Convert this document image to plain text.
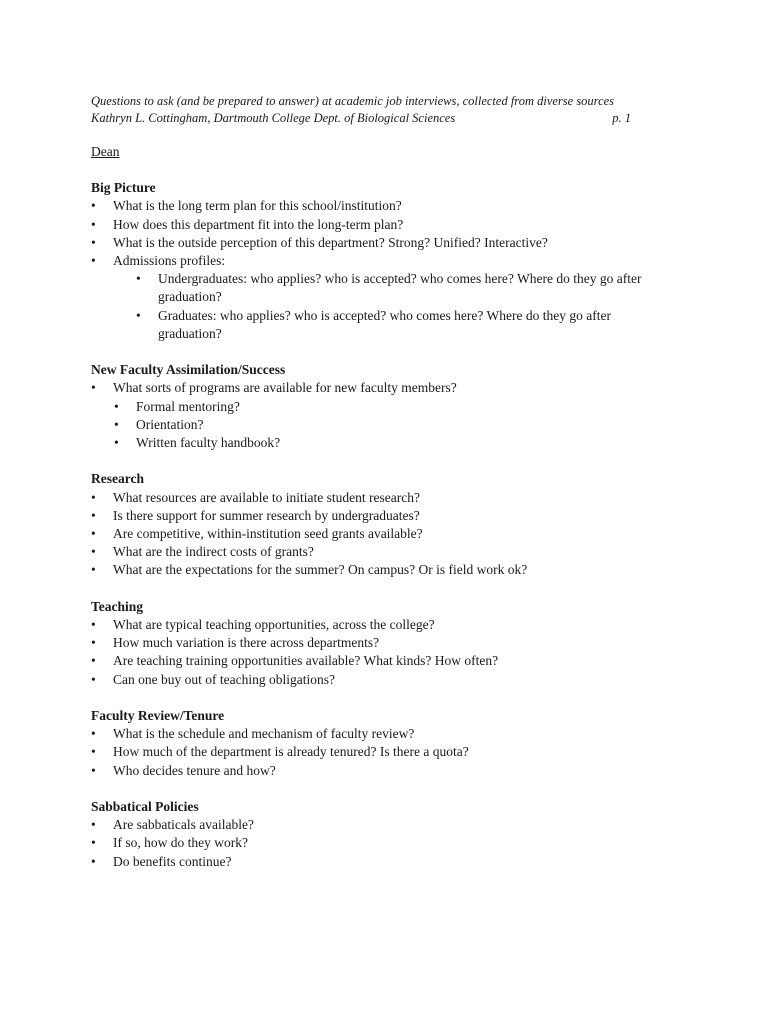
Questions to ask (and be prepared to answer) at academic job interviews, collected from diverse sources
Kathryn L. Cottingham, Dartmouth College Dept. of Biological Sciences	p. 1
Dean
Big Picture
• What is the long term plan for this school/institution?
• How does this department fit into the long-term plan?
• What is the outside perception of this department? Strong? Unified? Interactive?
• Admissions profiles:
• Undergraduates: who applies? who is accepted? who comes here? Where do they go after graduation?
• Graduates: who applies? who is accepted? who comes here? Where do they go after graduation?
New Faculty Assimilation/Success
• What sorts of programs are available for new faculty members?
• Formal mentoring?
• Orientation?
• Written faculty handbook?
Research
• What resources are available to initiate student research?
• Is there support for summer research by undergraduates?
• Are competitive, within-institution seed grants available?
• What are the indirect costs of grants?
• What are the expectations for the summer? On campus? Or is field work ok?
Teaching
• What are typical teaching opportunities, across the college?
• How much variation is there across departments?
• Are teaching training opportunities available? What kinds? How often?
• Can one buy out of teaching obligations?
Faculty Review/Tenure
• What is the schedule and mechanism of faculty review?
• How much of the department is already tenured? Is there a quota?
• Who decides tenure and how?
Sabbatical Policies
• Are sabbaticals available?
• If so, how do they work?
• Do benefits continue?
